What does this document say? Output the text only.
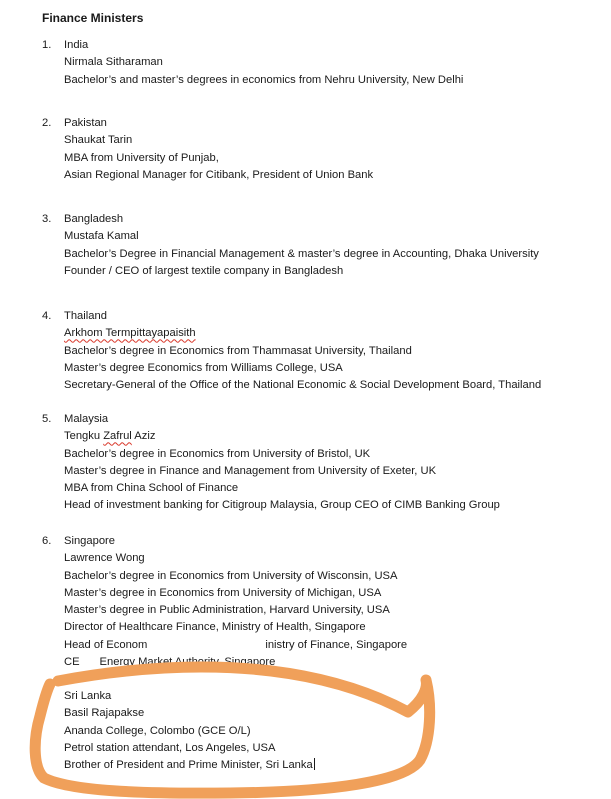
Finance Ministers
1. India
Nirmala Sitharaman
Bachelor’s and master’s degrees in economics from Nehru University, New Delhi
2. Pakistan
Shaukat Tarin
MBA from University of Punjab,
Asian Regional Manager for Citibank, President of Union Bank
3. Bangladesh
Mustafa Kamal
Bachelor’s Degree in Financial Management & master’s degree in Accounting, Dhaka University
Founder / CEO of largest textile company in Bangladesh
4. Thailand
Arkhom Termpittayapaisith
Bachelor’s degree in Economics from Thammasat University, Thailand
Master’s degree Economics from Williams College, USA
Secretary-General of the Office of the National Economic & Social Development Board, Thailand
5. Malaysia
Tengku Zafrul Aziz
Bachelor’s degree in Economics from University of Bristol, UK
Master’s degree in Finance and Management from University of Exeter, UK
MBA from China School of Finance
Head of investment banking for Citigroup Malaysia, Group CEO of CIMB Banking Group
6. Singapore
Lawrence Wong
Bachelor’s degree in Economics from University of Wisconsin, USA
Master’s degree in Economics from University of Michigan, USA
Master’s degree in Public Administration, Harvard University, USA
Director of Healthcare Finance, Ministry of Health, Singapore
Head of Econom	inistry of Finance, Singapore
CE Energy Market Authority, Singapore
Sri Lanka
Basil Rajapakse
Ananda College, Colombo (GCE O/L)
Petrol station attendant, Los Angeles, USA
Brother of President and Prime Minister, Sri Lanka
